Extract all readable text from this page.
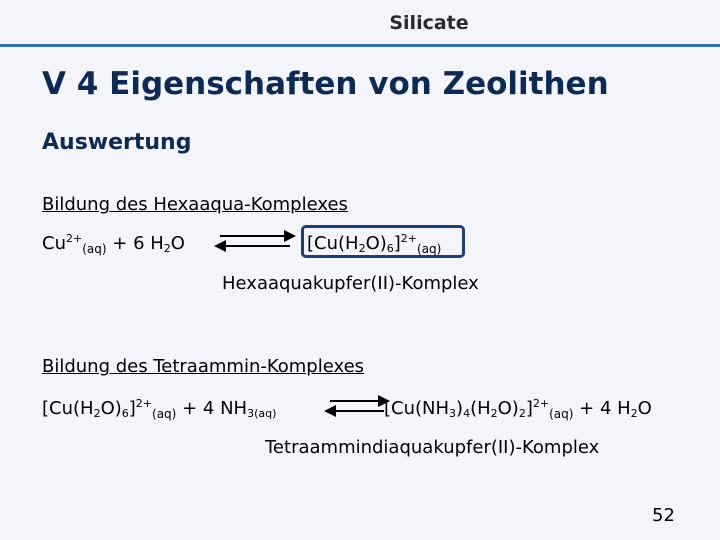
Silicate
V 4 Eigenschaften von Zeolithen
Auswertung
Bildung des Hexaaqua-Komplexes
$Cu^{2+}_{(aq)} + 6$ $H_2O$	$[Cu(H_2O)_6]^{2+}_{(aq)}$
Hexaaquakupfer(II)-Komplex
Bildung des Tetraammin-Komplexes
$[Cu(H_2O)_6]^{2+}_{(aq)} + 4$ $NH_{3(aq)}$	$[Cu(NH_3)_4(H_2O)_2]^{2+}_{(aq)} + 4$ $H_2O$
Tetraammindiaquakupfer(II)-Komplex
52
